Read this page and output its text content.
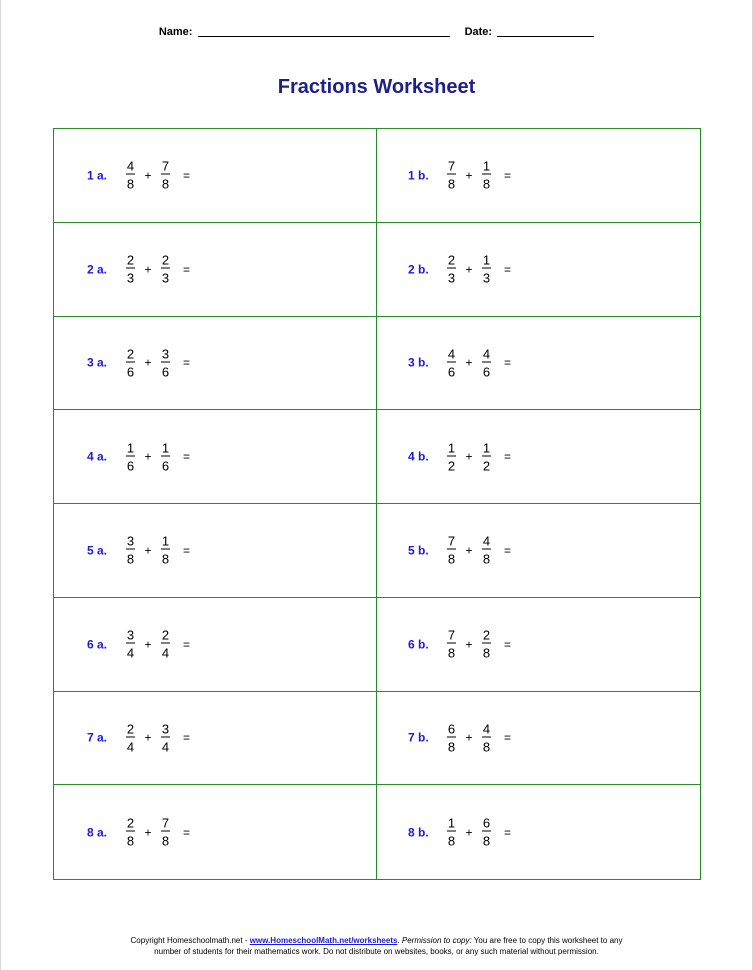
Name:	Date:
Fractions Worksheet
1 a.	$\frac{4}{8} + \frac{7}{8}$ =	1 b.	$\frac{7}{8} + \frac{1}{8}$ =
2 a.	$\frac{2}{3} + \frac{2}{3}$ =	2 b.	$\frac{2}{3} + \frac{1}{3}$ =
3 a.	$\frac{2}{6} + \frac{3}{6}$ =	3 b.	$\frac{4}{6} + \frac{4}{6}$ =
4 a.	$\frac{1}{6} + \frac{1}{6}$ =	4 b.	$\frac{1}{2} + \frac{1}{2}$ =
5 a.	$\frac{3}{8} + \frac{1}{8}$ =	5 b.	$\frac{7}{8} + \frac{4}{8}$ =
6 a.	$\frac{3}{4} + \frac{2}{4}$ =	6 b.	$\frac{7}{8} + \frac{2}{8}$ =
7 a.	$\frac{2}{4} + \frac{3}{4}$ =	7 b.	$\frac{6}{8} + \frac{4}{8}$ =
8 a.	$\frac{2}{8} + \frac{7}{8}$ =	8 b.	$\frac{1}{8} + \frac{6}{8}$ =
Copyright Homeschoolmath.net - www.HomeschoolMath.net/worksheets. Permission to copy: You are free to copy this worksheet to any
number of students for their mathematics work. Do not distribute on websites, books, or any such material without permission.
